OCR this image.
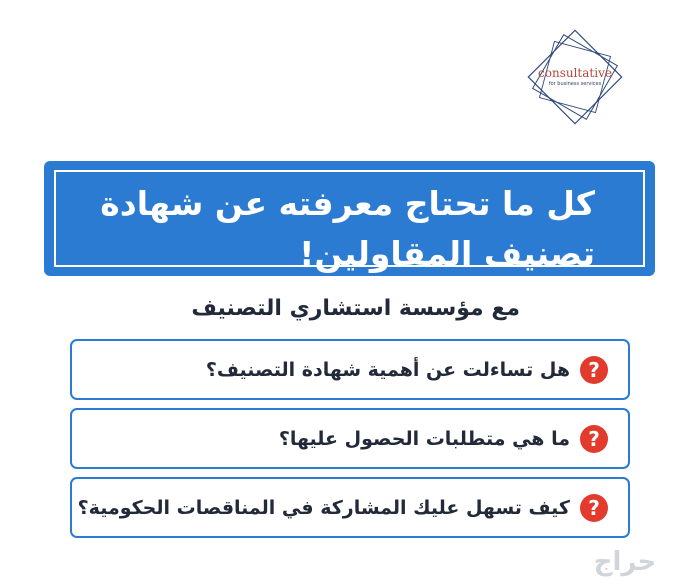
consultative
for business services
كل ما تحتاج معرفته عن شهادة تصنيف المقاولين!
مع مؤسسة استشاري التصنيف
?
هل تساءلت عن أهمية شهادة التصنيف؟
?
ما هي متطلبات الحصول عليها؟
?
كيف تسهل عليك المشاركة في المناقصات الحكومية؟
حراج
